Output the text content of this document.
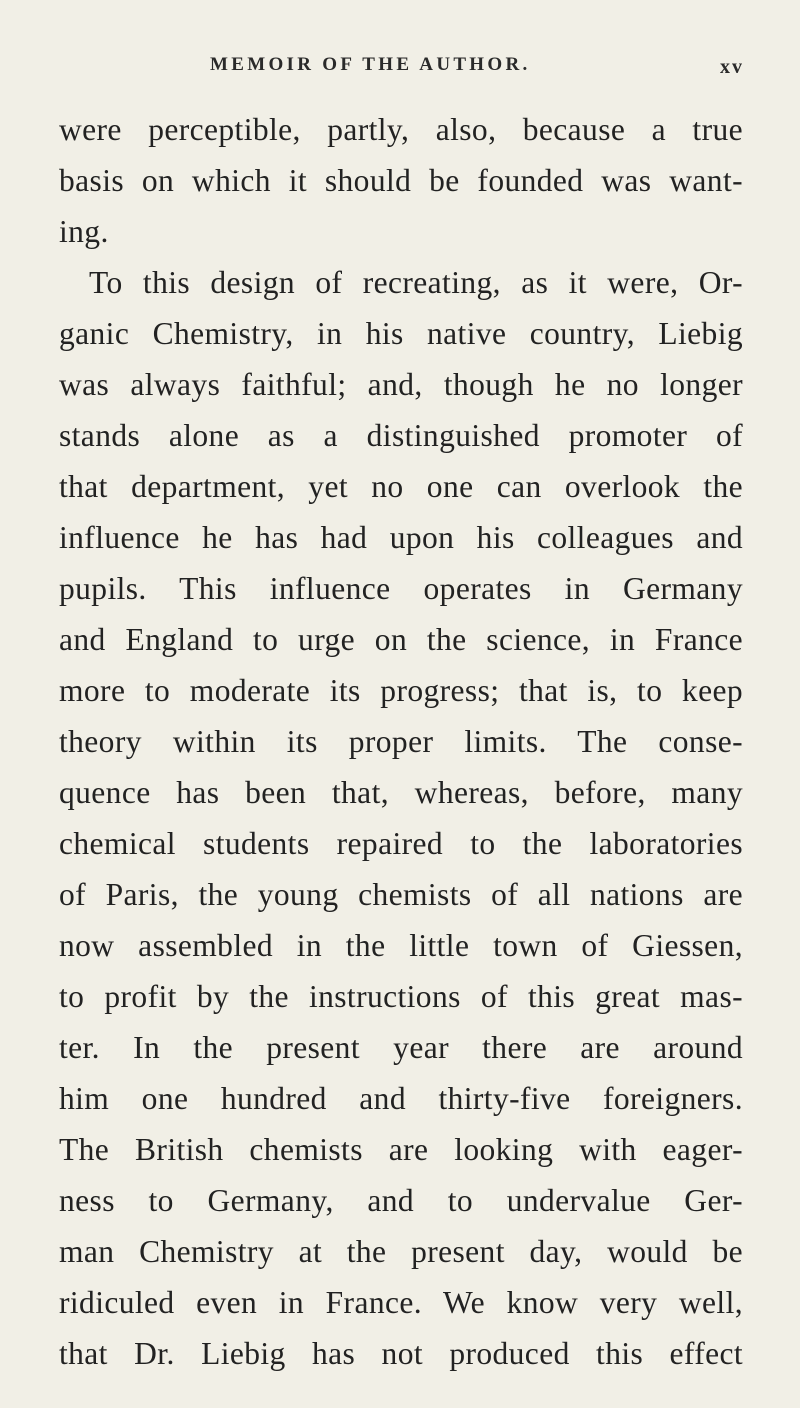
MEMOIR OF THE AUTHOR.	xv
were perceptible, partly, also, because a true
basis on which it should be founded was want-
ing.
To this design of recreating, as it were, Or-
ganic Chemistry, in his native country, Liebig
was always faithful; and, though he no longer
stands alone as a distinguished promoter of
that department, yet no one can overlook the
influence he has had upon his colleagues and
pupils. This influence operates in Germany
and England to urge on the science, in France
more to moderate its progress; that is, to keep
theory within its proper limits. The conse-
quence has been that, whereas, before, many
chemical students repaired to the laboratories
of Paris, the young chemists of all nations are
now assembled in the little town of Giessen,
to profit by the instructions of this great mas-
ter. In the present year there are around
him one hundred and thirty-five foreigners.
The British chemists are looking with eager-
ness to Germany, and to undervalue Ger-
man Chemistry at the present day, would be
ridiculed even in France. We know very well,
that Dr. Liebig has not produced this effect
